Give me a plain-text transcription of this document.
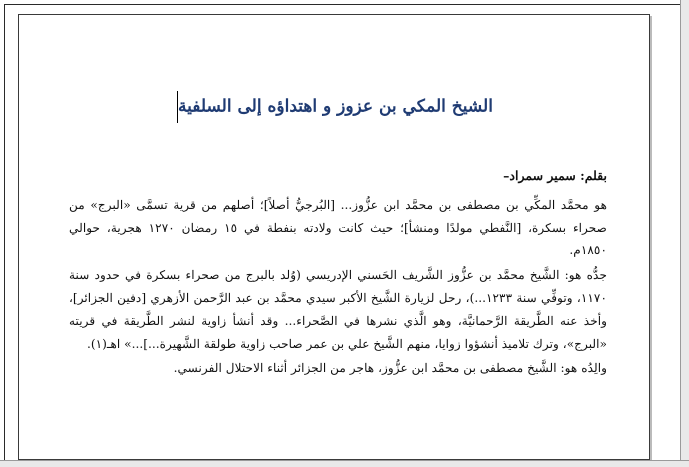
الشيخ المكي بن عزوز و اهتداؤه إلى السلفية

بقلم: سمير سمراد–

هو محمَّد المكِّي بن مصطفى بن محمَّد ابن عزُّوز... [البُرجيُّ أصلاً]؛ أصلهم من قرية تسمَّى «البرج» من صحراء بسكرة، [النَّفطي مولدًا ومنشأ]؛ حيث كانت ولادته بنفطة في ١٥ رمضان ١٢٧٠ هجرية، حوالي ١٨٥٠م.

جدُّه هو: الشَّيخ محمَّد بن عزُّوز الشَّريف الحَسني الإدريسي (وُلد بالبرج من صحراء بسكرة في حدود سنة ١١٧٠، وتوفِّي سنة ١٢٣٣...)، رحل لزيارة الشَّيخ الأكبر سيدي محمَّد بن عبد الرَّحمن الأزهري [دفين الجزائر]، وأخذ عنه الطَّريقة الرَّحمانيَّة، وهو الَّذي نشرها في الصَّحراء... وقد أنشأ زاوية لنشر الطَّريقة في قريته «البرج»، وترك تلاميذ أنشؤوا زوايا، منهم الشَّيخ علي بن عمر صاحب زاوية طولقة الشَّهيرة...]...» اهـ(١).

والِدُه هو: الشَّيخ مصطفى بن محمَّد ابن عزُّوز، هاجر من الجزائر أثناء الاحتلال الفرنسي.
